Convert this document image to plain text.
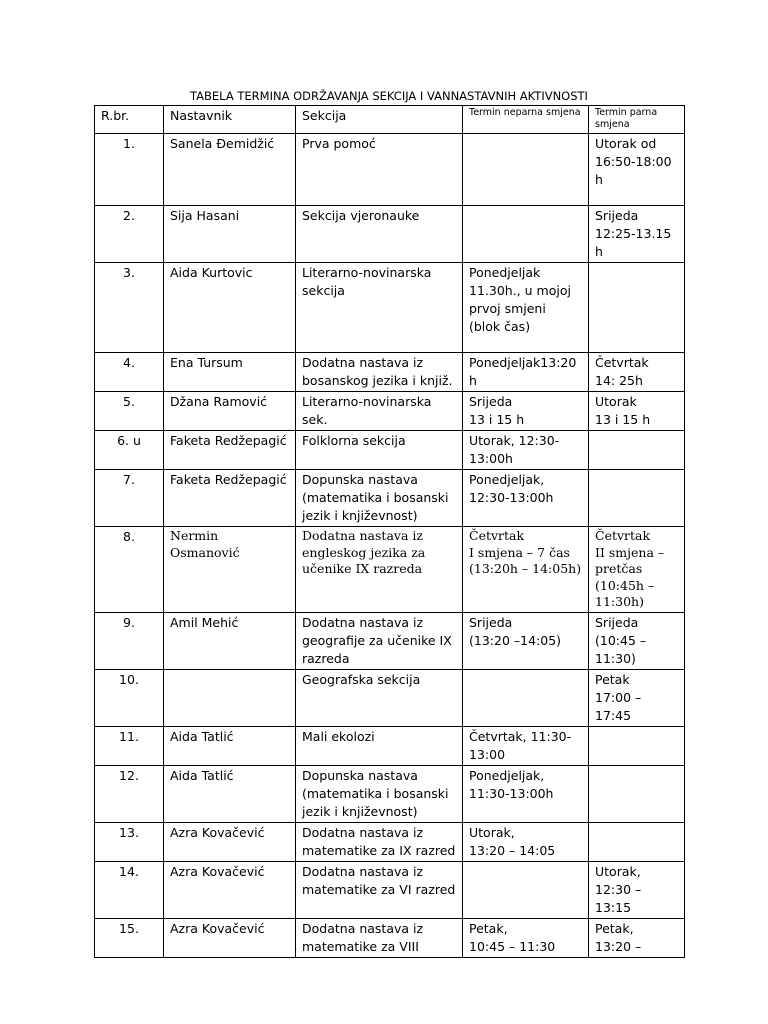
TABELA TERMINA ODRŽAVANJA SEKCIJA I VANNASTAVNIH AKTIVNOSTI
R.br.	Nastavnik	Sekcija	Termin neparna smjena	Termin parna smjena
1.	Sanela Đemidžić	Prva pomoć		Utorak od
16:50-18:00
h
2.	Sija Hasani	Sekcija vjeronauke		Srijeda
12:25-13.15
h
3.	Aida Kurtovic	Literarno-novinarska
sekcija	Ponedjeljak
11.30h., u mojoj
prvoj smjeni
(blok čas)	
4.	Ena Tursum	Dodatna nastava iz
bosanskog jezika i knjiž.	Ponedjeljak13:20
h	Četvrtak
14: 25h
5.	Džana Ramović	Literarno-novinarska
sek.	Srijeda
13 i 15 h	Utorak
13 i 15 h
6. u	Faketa Redžepagić	Folklorna sekcija	Utorak, 12:30-
13:00h	
7.	Faketa Redžepagić	Dopunska nastava
(matematika i bosanski
jezik i književnost)	Ponedjeljak,
12:30-13:00h	
8.	Nermin
Osmanović	Dodatna nastava iz
engleskog jezika za
učenike IX razreda	Četvrtak
I smjena – 7 čas
(13:20h – 14:05h)	Četvrtak
II smjena –
pretčas
(10:45h –
11:30h)
9.	Amil Mehić	Dodatna nastava iz
geografije za učenike IX
razreda	Srijeda
(13:20 –14:05)	Srijeda
(10:45 –
11:30)
10.		Geografska sekcija		Petak
17:00 –
17:45
11.	Aida Tatlić	Mali ekolozi	Četvrtak, 11:30-
13:00	
12.	Aida Tatlić	Dopunska nastava
(matematika i bosanski
jezik i književnost)	Ponedjeljak,
11:30-13:00h	
13.	Azra Kovačević	Dodatna nastava iz
matematike za IX razred	Utorak,
13:20 – 14:05	
14.	Azra Kovačević	Dodatna nastava iz
matematike za VI razred		Utorak,
12:30 –
13:15
15.	Azra Kovačević	Dodatna nastava iz
matematike za VIII	Petak,
10:45 – 11:30	Petak,
13:20 –
